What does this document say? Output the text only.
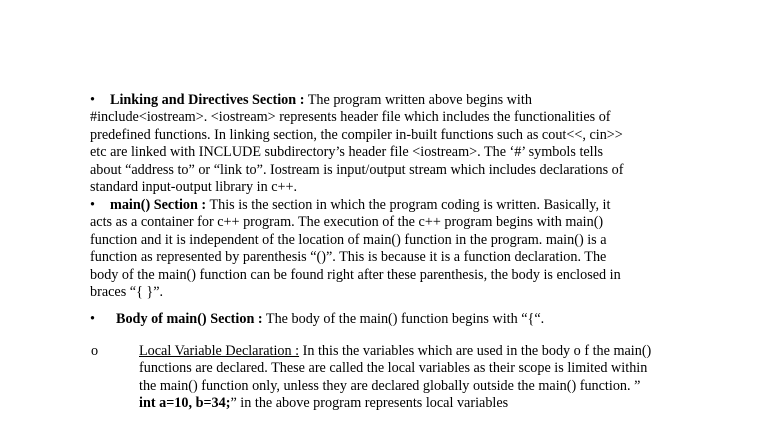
• Linking and Directives Section : The program written above begins with #include<iostream>. <iostream> represents header file which includes the functionalities of predefined functions. In linking section, the compiler in-built functions such as cout<<, cin>> etc are linked with INCLUDE subdirectory’s header file <iostream>. The ‘#’ symbols tells about “address to” or “link to”. Iostream is input/output stream which includes declarations of standard input-output library in c++.
• main() Section : This is the section in which the program coding is written. Basically, it acts as a container for c++ program. The execution of the c++ program begins with main() function and it is independent of the location of main() function in the program. main() is a function as represented by parenthesis “()”. This is because it is a function declaration. The body of the main() function can be found right after these parenthesis, the body is enclosed in braces “{ }”.
• Body of main() Section : The body of the main() function begins with “{“.
o	Local Variable Declaration : In this the variables which are used in the body o f the main() functions are declared. These are called the local variables as their scope is limited within the main() function only, unless they are declared globally outside the main() function. ” int a=10, b=34;” in the above program represents local variables
